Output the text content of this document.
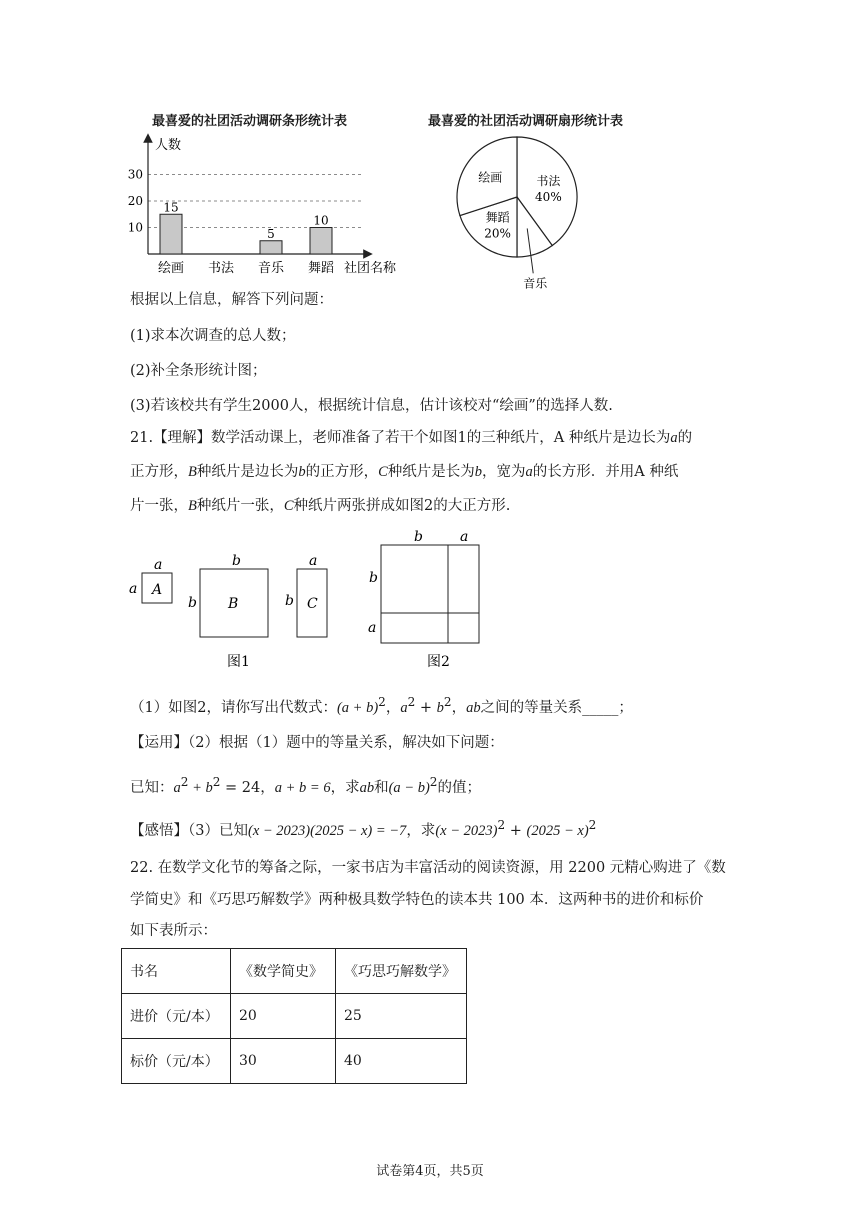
最喜爱的社团活动调研条形统计表
10
20
30
人数
15
绘画 书法
5
音乐
10
舞蹈 社团名称
最喜爱的社团活动调研扇形统计表
书法
40%
音乐
舞蹈
20%
绘画
根据以上信息，解答下列问题：
(1)求本次调查的总人数；
(2)补全条形统计图；
(3)若该校共有学生2000人，根据统计信息，估计该校对“绘画”的选择人数.
21.【理解】数学活动课上，老师准备了若干个如图1的三种纸片，A 种纸片是边长为a的
正方形，B种纸片是边长为b的正方形，C种纸片是长为b，宽为a的长方形．并用A 种纸
片一张，B种纸片一张，C种纸片两张拼成如图2的大正方形.
A
a
a
B
b
b	C
a
b
b	a
b
a
图1	图2
（1）如图2，请你写出代数式：$(a + b)^2$，$a^2 + b^2$，ab之间的等量关系_____；
【运用】（2）根据（1）题中的等量关系，解决如下问题：
已知：$a^2 + b^2 = 24$，a + b = 6，求ab和$(a - b)^2$的值；
【感悟】（3）已知(x − 2023)(2025 − x) = −7，求$(x - 2023)^2 + (2025 - x)^2$
22. 在数学文化节的筹备之际，一家书店为丰富活动的阅读资源，用 2200 元精心购进了《数
学简史》和《巧思巧解数学》两种极具数学特色的读本共 100 本．这两种书的进价和标价
如下表所示：
书名	《数学简史》	《巧思巧解数学》
进价（元/本）	20	25
标价（元/本）	30	40
试卷第4页，共5页
